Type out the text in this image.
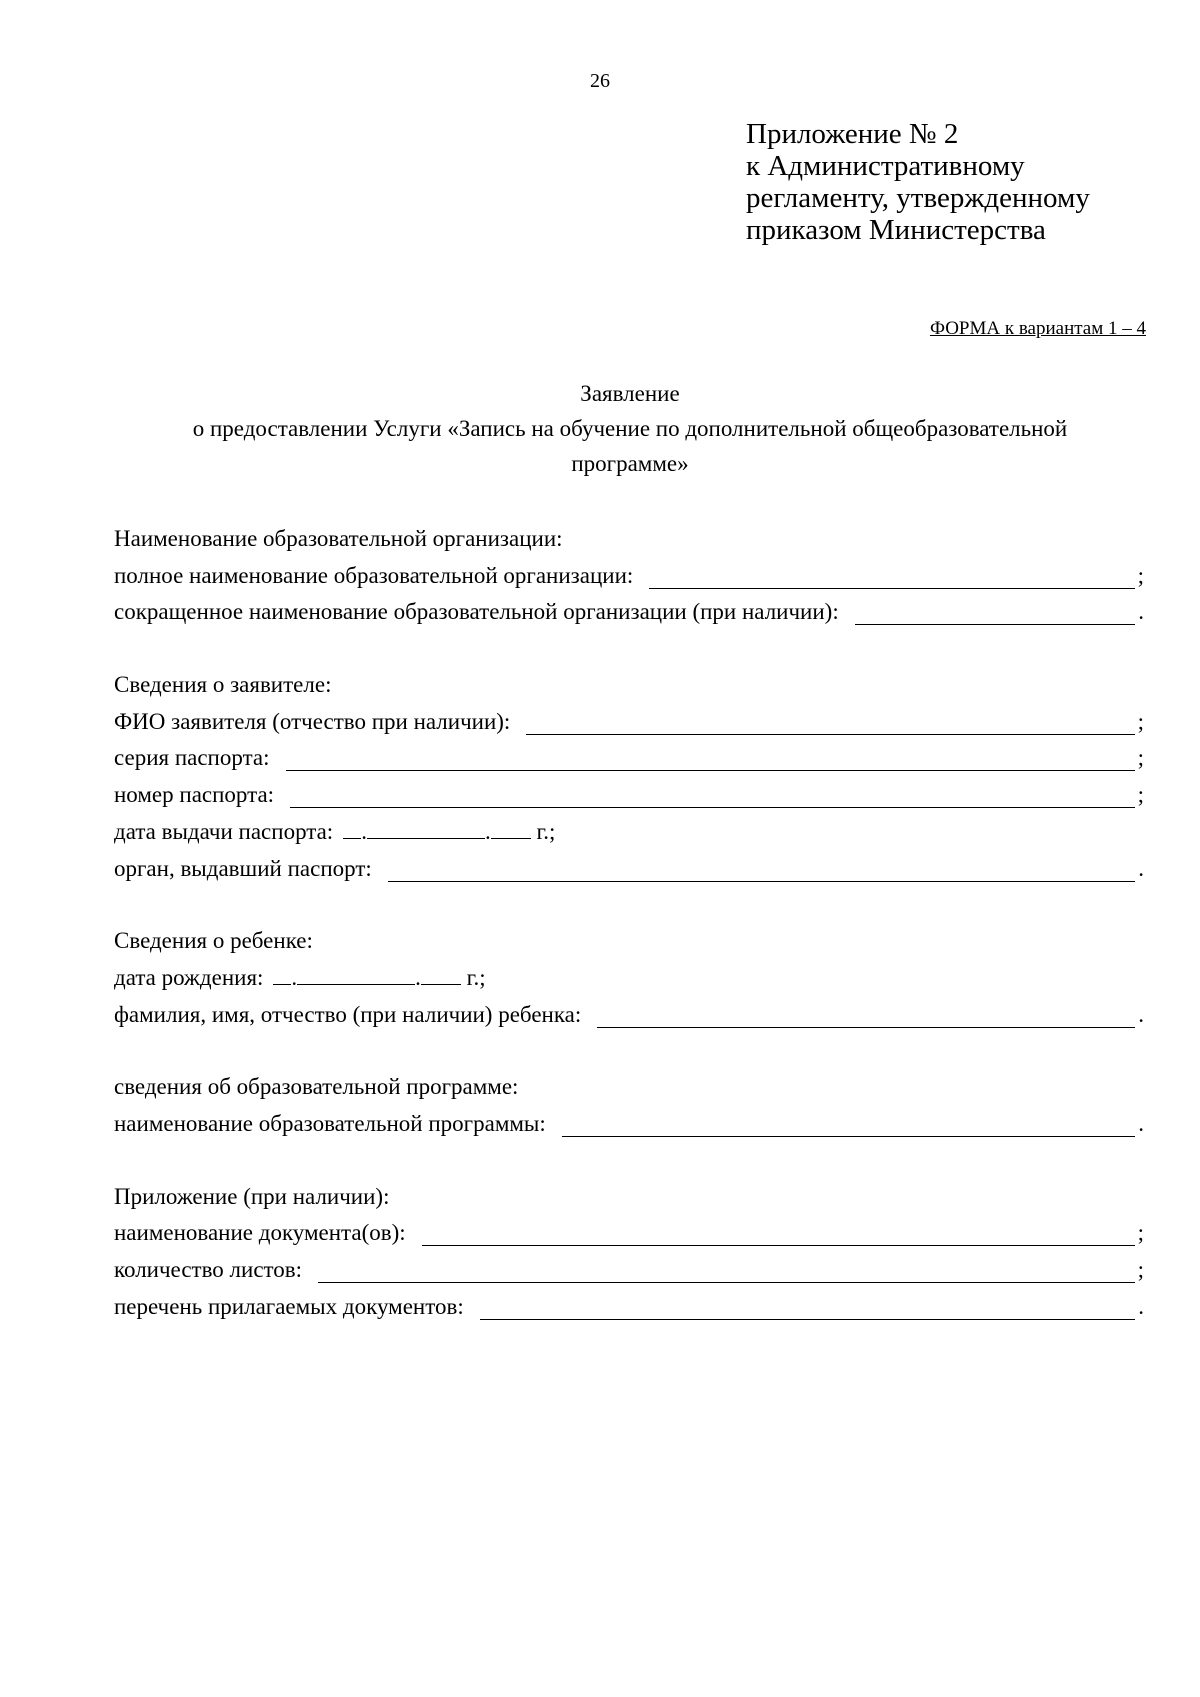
26
Приложение № 2
к Административному
регламенту, утвержденному
приказом Министерства
ФОРМА к вариантам 1 – 4
Заявление
о предоставлении Услуги «Запись на обучение по дополнительной общеобразовательной
программе»
Наименование образовательной организации:
полное наименование образовательной организации:	;
сокращенное наименование образовательной организации (при наличии):	.
Сведения о заявителе:
ФИО заявителя (отчество при наличии):	;
серия паспорта:	;
номер паспорта:	;
дата выдачи паспорта:	.	. г.;
орган, выдавший паспорт:	.
Сведения о ребенке:
дата рождения:	.	. г.;
фамилия, имя, отчество (при наличии) ребенка:	.
сведения об образовательной программе:
наименование образовательной программы:	.
Приложение (при наличии):
наименование документа(ов):	;
количество листов:	;
перечень прилагаемых документов:	.
